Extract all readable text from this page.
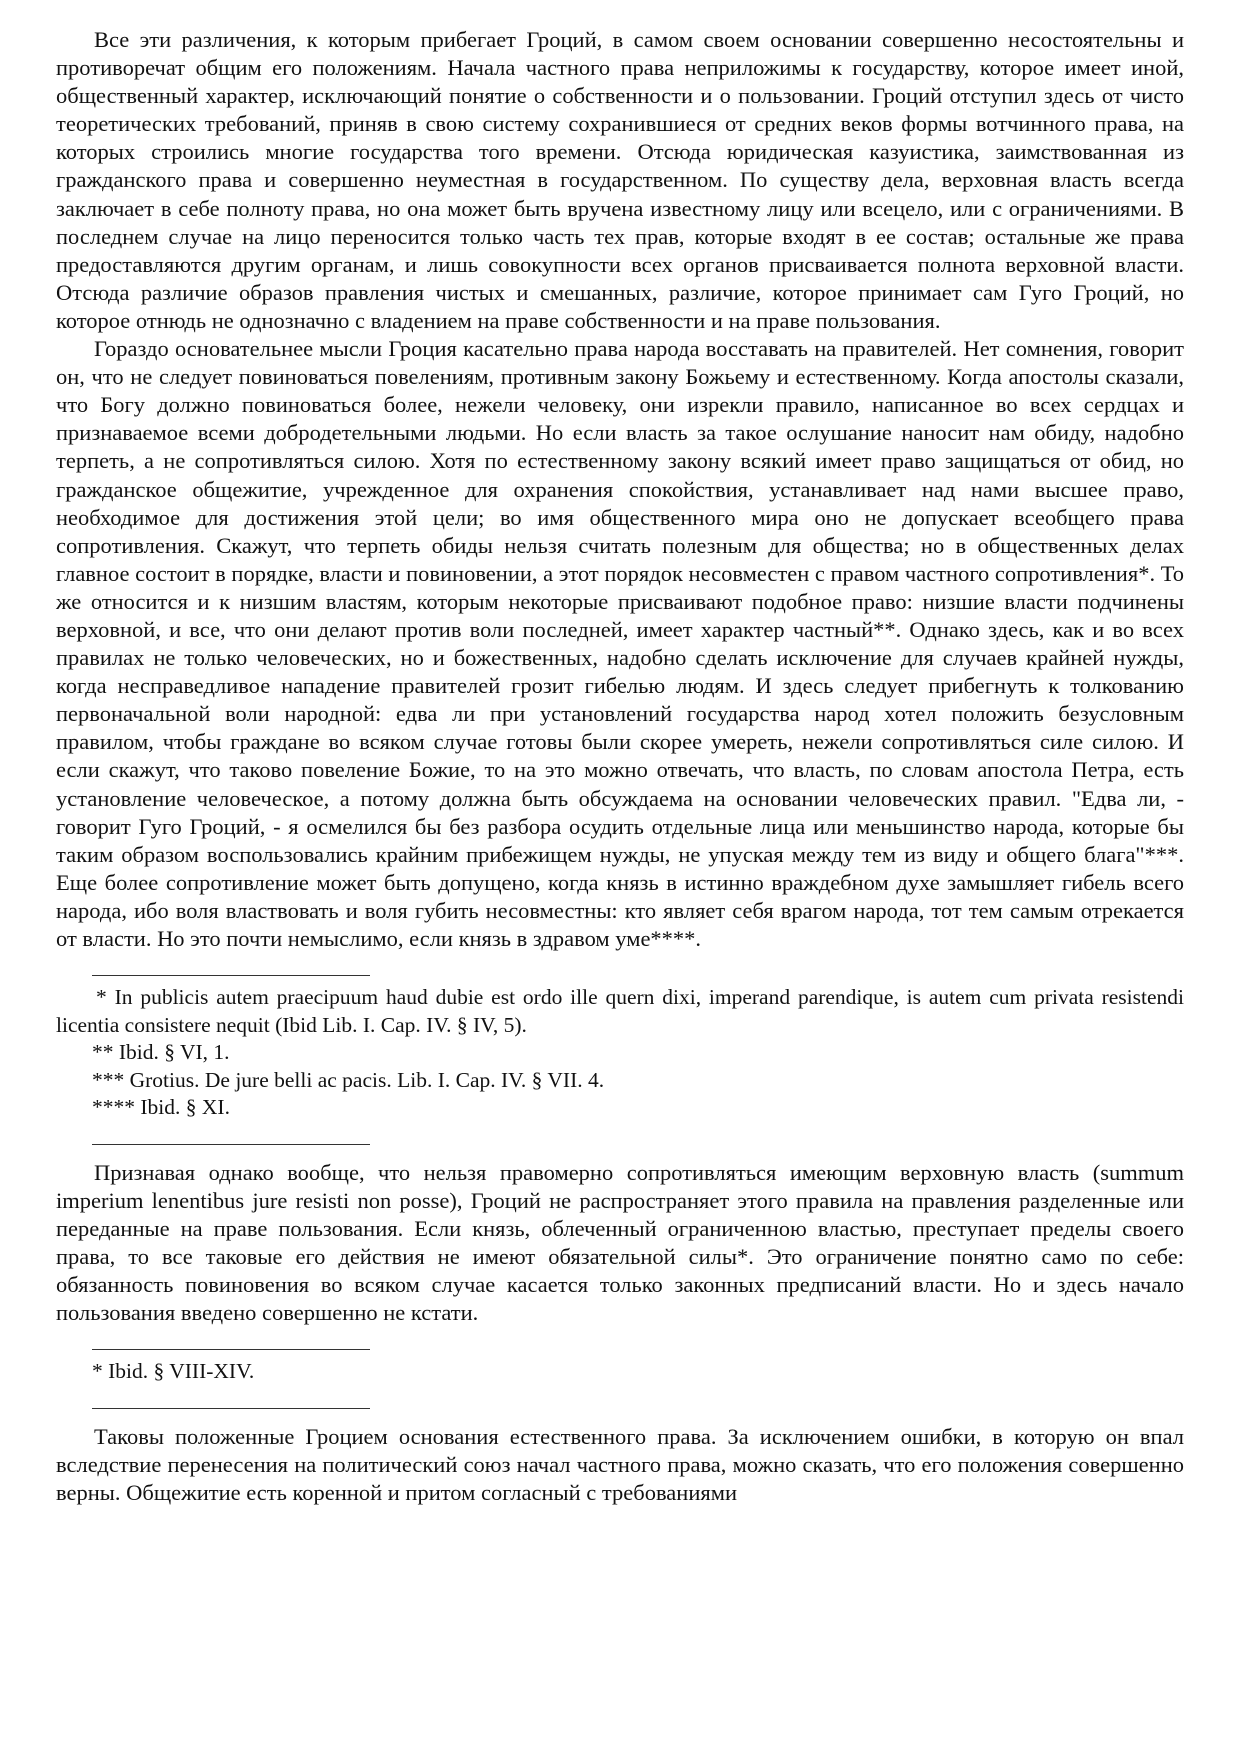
Все эти различения, к которым прибегает Гроций, в самом своем основании совершенно несостоятельны и противоречат общим его положениям. Начала частного права неприложимы к государству, которое имеет иной, общественный характер, исключающий понятие о собственности и о пользовании. Гроций отступил здесь от чисто теоретических требований, приняв в свою систему сохранившиеся от средних веков формы вотчинного права, на которых строились многие государства того времени. Отсюда юридическая казуистика, заимствованная из гражданского права и совершенно неуместная в государственном. По существу дела, верховная власть всегда заключает в себе полноту права, но она может быть вручена известному лицу или всецело, или с ограничениями. В последнем случае на лицо переносится только часть тех прав, которые входят в ее состав; остальные же права предоставляются другим органам, и лишь совокупности всех органов присваивается полнота верховной власти. Отсюда различие образов правления чистых и смешанных, различие, которое принимает сам Гуго Гроций, но которое отнюдь не однозначно с владением на праве собственности и на праве пользования.

Гораздо основательнее мысли Гроция касательно права народа восставать на правителей. Нет сомнения, говорит он, что не следует повиноваться повелениям, противным закону Божьему и естественному. Когда апостолы сказали, что Богу должно повиноваться более, нежели человеку, они изрекли правило, написанное во всех сердцах и признаваемое всеми добродетельными людьми. Но если власть за такое ослушание наносит нам обиду, надобно терпеть, а не сопротивляться силою. Хотя по естественному закону всякий имеет право защищаться от обид, но гражданское общежитие, учрежденное для охранения спокойствия, устанавливает над нами высшее право, необходимое для достижения этой цели; во имя общественного мира оно не допускает всеобщего права сопротивления. Скажут, что терпеть обиды нельзя считать полезным для общества; но в общественных делах главное состоит в порядке, власти и повиновении, а этот порядок несовместен с правом частного сопротивления*. То же относится и к низшим властям, которым некоторые присваивают подобное право: низшие власти подчинены верховной, и все, что они делают против воли последней, имеет характер частный**. Однако здесь, как и во всех правилах не только человеческих, но и божественных, надобно сделать исключение для случаев крайней нужды, когда несправедливое нападение правителей грозит гибелью людям. И здесь следует прибегнуть к толкованию первоначальной воли народной: едва ли при установлений государства народ хотел положить безусловным правилом, чтобы граждане во всяком случае готовы были скорее умереть, нежели сопротивляться силе силою. И если скажут, что таково повеление Божие, то на это можно отвечать, что власть, по словам апостола Петра, есть установление человеческое, а потому должна быть обсуждаема на основании человеческих правил. "Едва ли, - говорит Гуго Гроций, - я осмелился бы без разбора осудить отдельные лица или меньшинство народа, которые бы таким образом воспользовались крайним прибежищем нужды, не упуская между тем из виду и общего блага"***. Еще более сопротивление может быть допущено, когда князь в истинно враждебном духе замышляет гибель всего народа, ибо воля властвовать и воля губить несовместны: кто являет себя врагом народа, тот тем самым отрекается от власти. Но это почти немыслимо, если князь в здравом уме****.

* In publicis autem praecipuum haud dubie est ordo ille quern dixi, imperand parendique, is autem cum privata resistendi licentia consistere nequit (Ibid Lib. I. Cap. IV. § IV, 5).

** Ibid. § VI, 1.

*** Grotius. De jure belli ac pacis. Lib. I. Cap. IV. § VII. 4.

**** Ibid. § XI.

Признавая однако вообще, что нельзя правомерно сопротивляться имеющим верховную власть (summum imperium lenentibus jure resisti non posse), Гроций не распространяет этого правила на правления разделенные или переданные на праве пользования. Если князь, облеченный ограниченною властью, преступает пределы своего права, то все таковые его действия не имеют обязательной силы*. Это ограничение понятно само по себе: обязанность повиновения во всяком случае касается только законных предписаний власти. Но и здесь начало пользования введено совершенно не кстати.

* Ibid. § VIII-XIV.

Таковы положенные Гроцием основания естественного права. За исключением ошибки, в которую он впал вследствие перенесения на политический союз начал частного права, можно сказать, что его положения совершенно верны. Общежитие есть коренной и притом согласный с требованиями
